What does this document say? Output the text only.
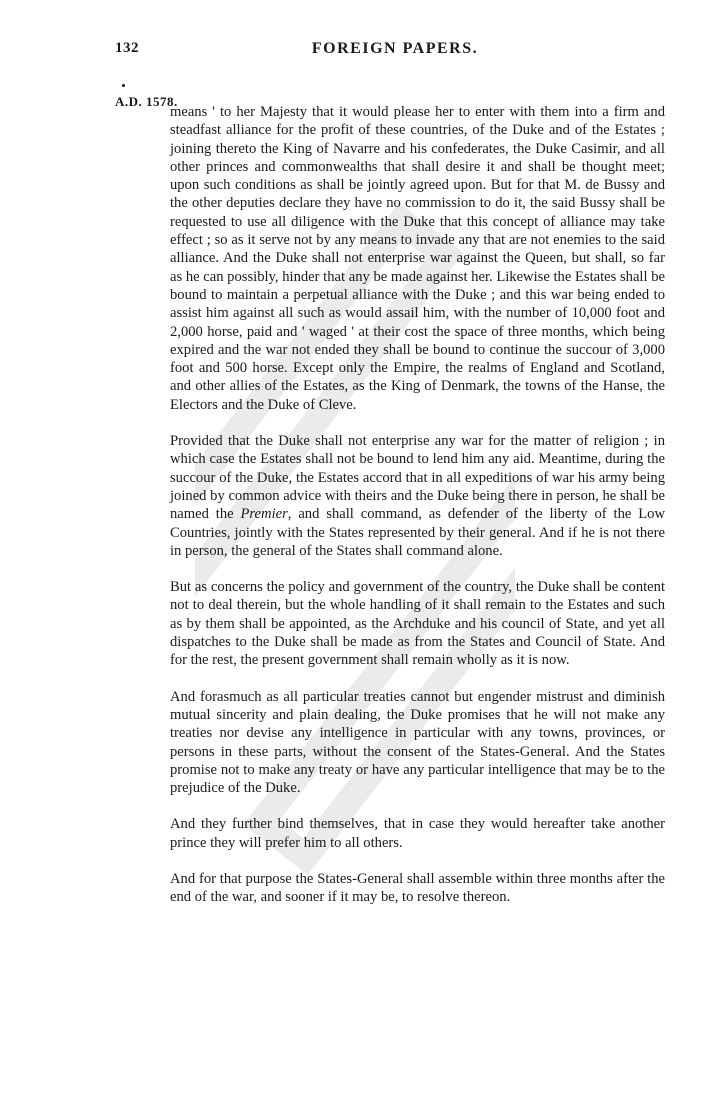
132	FOREIGN PAPERS.
A.D. 1578.

means ' to her Majesty that it would please her to enter with them into a firm and steadfast alliance for the profit of these countries, of the Duke and of the Estates ; joining thereto the King of Navarre and his confederates, the Duke Casimir, and all other princes and commonwealths that shall desire it and shall be thought meet; upon such conditions as shall be jointly agreed upon. But for that M. de Bussy and the other deputies declare they have no commission to do it, the said Bussy shall be requested to use all diligence with the Duke that this concept of alliance may take effect ; so as it serve not by any means to invade any that are not enemies to the said alliance. And the Duke shall not enterprise war against the Queen, but shall, so far as he can possibly, hinder that any be made against her. Likewise the Estates shall be bound to maintain a perpetual alliance with the Duke ; and this war being ended to assist him against all such as would assail him, with the number of 10,000 foot and 2,000 horse, paid and ' waged ' at their cost the space of three months, which being expired and the war not ended they shall be bound to continue the succour of 3,000 foot and 500 horse. Except only the Empire, the realms of England and Scotland, and other allies of the Estates, as the King of Denmark, the towns of the Hanse, the Electors and the Duke of Cleve.

Provided that the Duke shall not enterprise any war for the matter of religion ; in which case the Estates shall not be bound to lend him any aid. Meantime, during the succour of the Duke, the Estates accord that in all expeditions of war his army being joined by common advice with theirs and the Duke being there in person, he shall be named the Premier, and shall command, as defender of the liberty of the Low Countries, jointly with the States represented by their general. And if he is not there in person, the general of the States shall command alone.

But as concerns the policy and government of the country, the Duke shall be content not to deal therein, but the whole handling of it shall remain to the Estates and such as by them shall be appointed, as the Archduke and his council of State, and yet all dispatches to the Duke shall be made as from the States and Council of State. And for the rest, the present government shall remain wholly as it is now.

And forasmuch as all particular treaties cannot but engender mistrust and diminish mutual sincerity and plain dealing, the Duke promises that he will not make any treaties nor devise any intelligence in particular with any towns, provinces, or persons in these parts, without the consent of the States-General. And the States promise not to make any treaty or have any particular intelligence that may be to the prejudice of the Duke.

And they further bind themselves, that in case they would hereafter take another prince they will prefer him to all others.

And for that purpose the States-General shall assemble within three months after the end of the war, and sooner if it may be, to resolve thereon.
